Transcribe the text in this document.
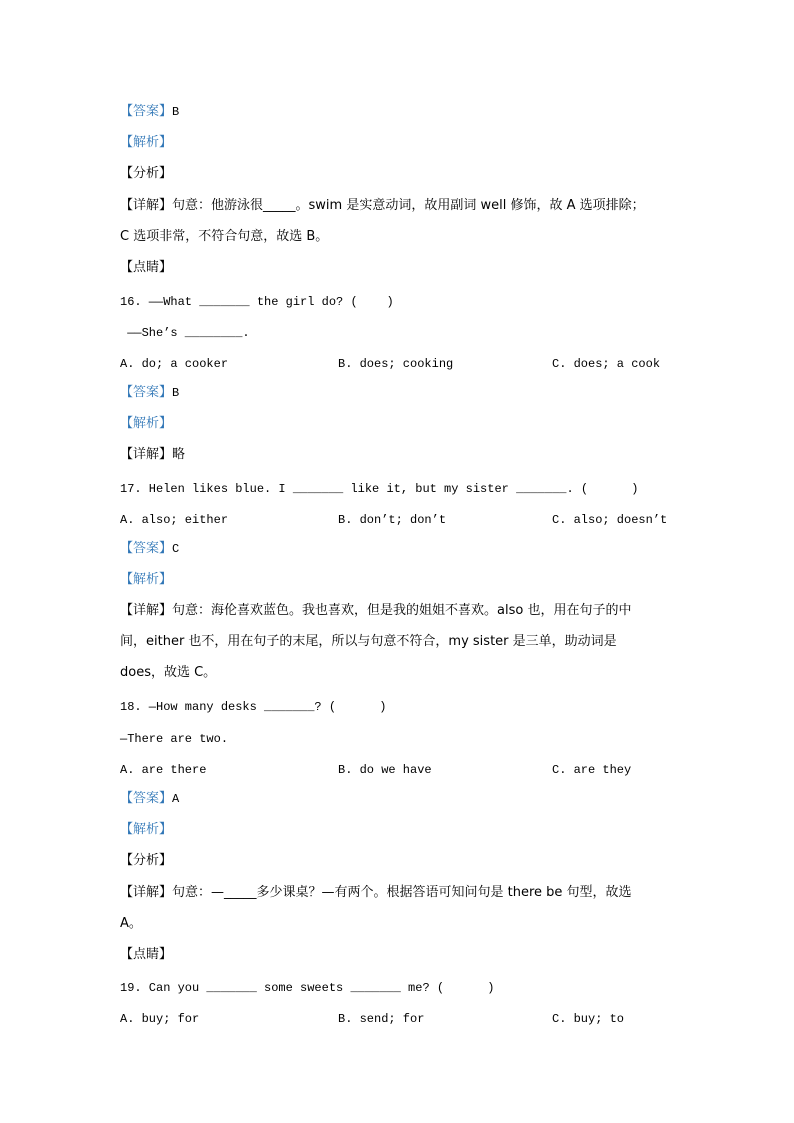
【答案】B
【解析】
【分析】
【详解】句意：他游泳很_____。swim 是实意动词，故用副词 well 修饰，故 A 选项排除；
C 选项非常，不符合句意，故选 B。
【点睛】
16. ——What _______ the girl do? (    )
——She’s ________.
A. do; a cooker	B. does; cooking	C. does; a cook
【答案】B
【解析】
【详解】略
17. Helen likes blue. I _______ like it, but my sister _______. (      )
A. also; either	B. don’t; don’t	C. also; doesn’t
【答案】C
【解析】
【详解】句意：海伦喜欢蓝色。我也喜欢，但是我的姐姐不喜欢。also 也，用在句子的中
间，either 也不，用在句子的末尾，所以与句意不符合，my sister 是三单，助动词是
does，故选 C。
18. —How many desks _______? (      )
—There are two.
A. are there	B. do we have	C. are they
【答案】A
【解析】
【分析】
【详解】句意：—_____多少课桌？—有两个。根据答语可知问句是 there be 句型，故选
A。
【点睛】
19. Can you _______ some sweets _______ me? (      )
A. buy; for	B. send; for	C. buy; to
